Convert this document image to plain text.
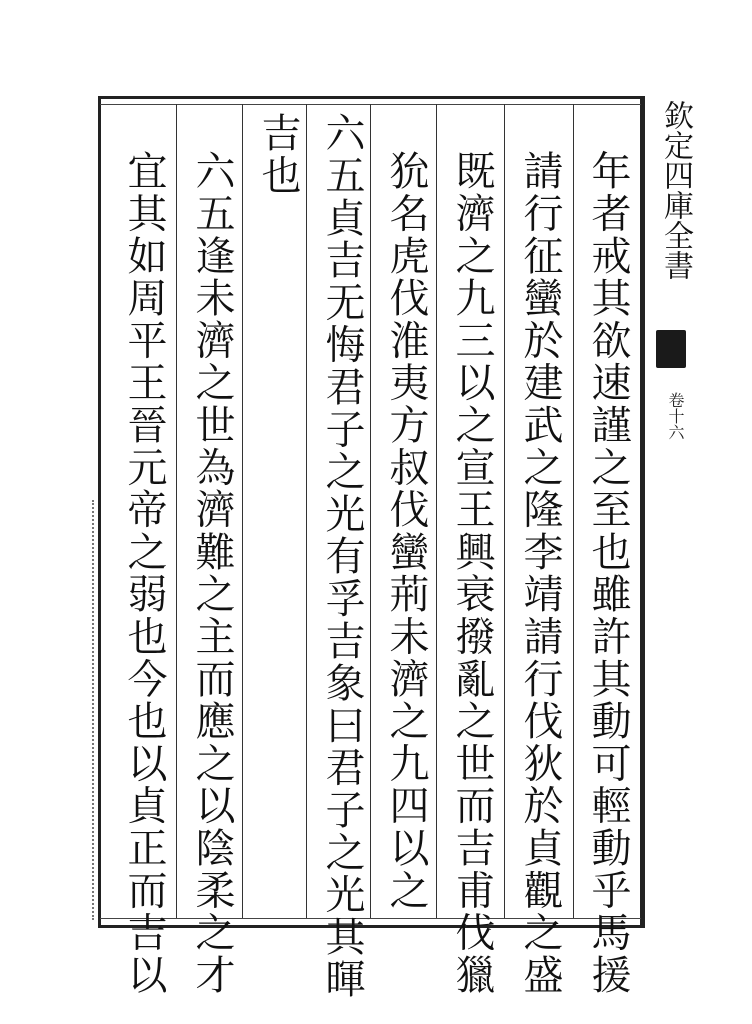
年者戒其欲速謹之至也雖許其動可輕動乎馬援
請行征蠻於建武之隆李靖請行伐狄於貞觀之盛
既濟之九三以之宣王興衰撥亂之世而吉甫伐獵
狁名虎伐淮夷方叔伐蠻荊未濟之九四以之
六五貞吉无悔君子之光有孚吉象曰君子之光其暉
吉也
六五逢未濟之世為濟難之主而應之以陰柔之才
宜其如周平王晉元帝之弱也今也以貞正而吉以	欽定四庫全書
卷十六
